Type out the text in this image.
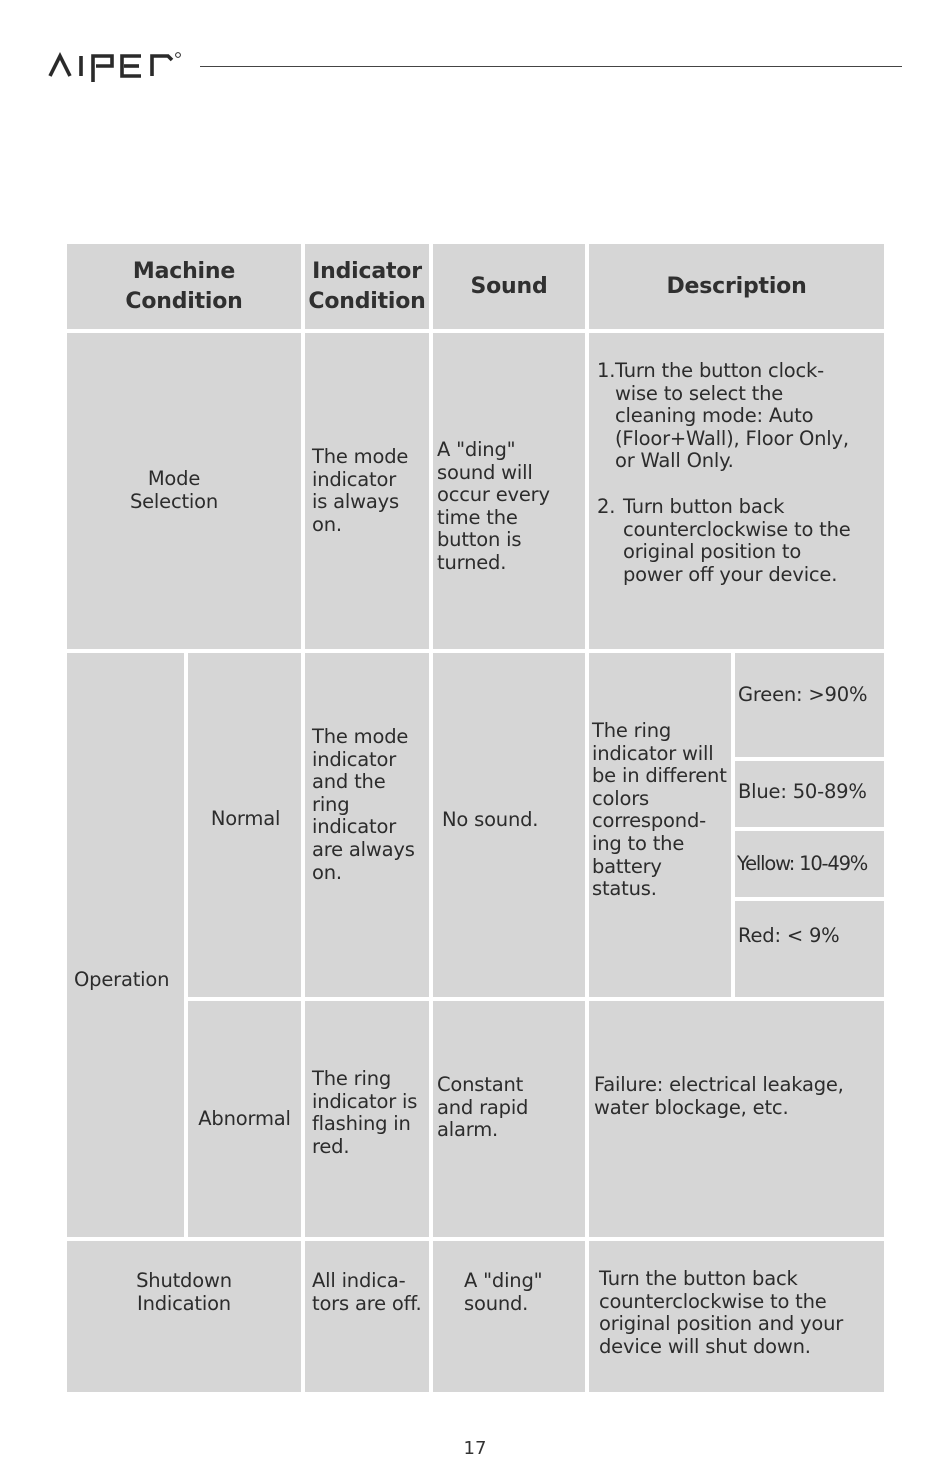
Machine
Condition
Indicator
Condition
Sound	Description
Mode
Selection
The mode
indicator
is always
on.
A "ding"
sound will
occur every
time the
button is
turned.
1. Turn the button clock-
wise to select the
cleaning mode: Auto
(Floor+Wall), Floor Only,
or Wall Only.
2. Turn button back
counterclockwise to the
original position to
power off your device.
Operation
Normal
The mode
indicator
and the
ring
indicator
are always
on.
No sound.
The ring
indicator will
be in different
colors
correspond-
ing to the
battery
status.
Green: >90%
Blue: 50-89%
Yellow: 10-49%
Red: < 9%
Abnormal
The ring
indicator is
flashing in
red.
Constant
and rapid
alarm.
Failure: electrical leakage,
water blockage, etc.
Shutdown
Indication
All indica-
tors are off.
A "ding"
sound.
Turn the button back
counterclockwise to the
original position and your
device will shut down.
17
